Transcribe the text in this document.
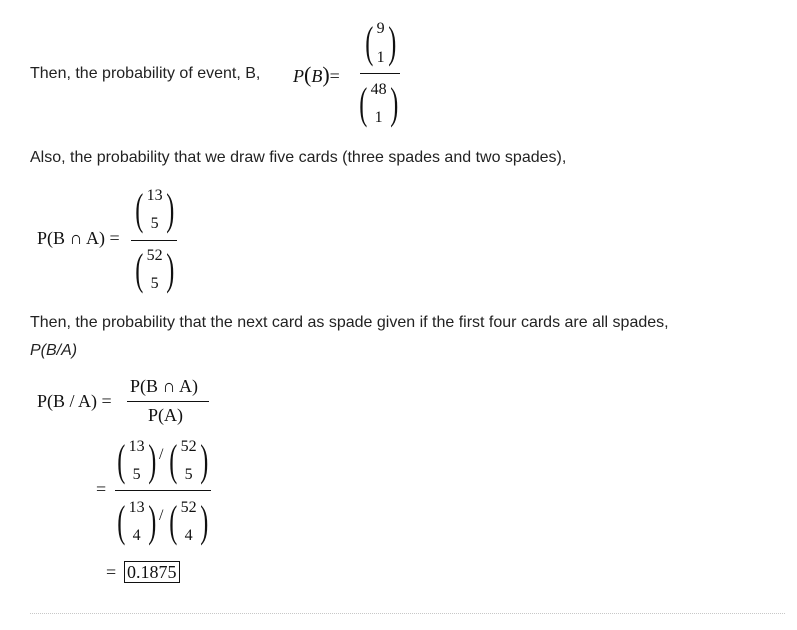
Then, the probability of event, B, P(B)=
( 9
1 )
( 48
1 )

Also, the probability that we draw five cards (three spades and two spades),

P(B ∩ A) =
( 13
5 )
( 52
5 )

Then, the probability that the next card as spade given if the first four cards are all spades,

P(B/A)

P(B / A) =
P(B ∩ A)
P(A)
=
( 13
5 ) / ( 52
5 )
( 13
4 ) / ( 52
4 )
= 0.1875
